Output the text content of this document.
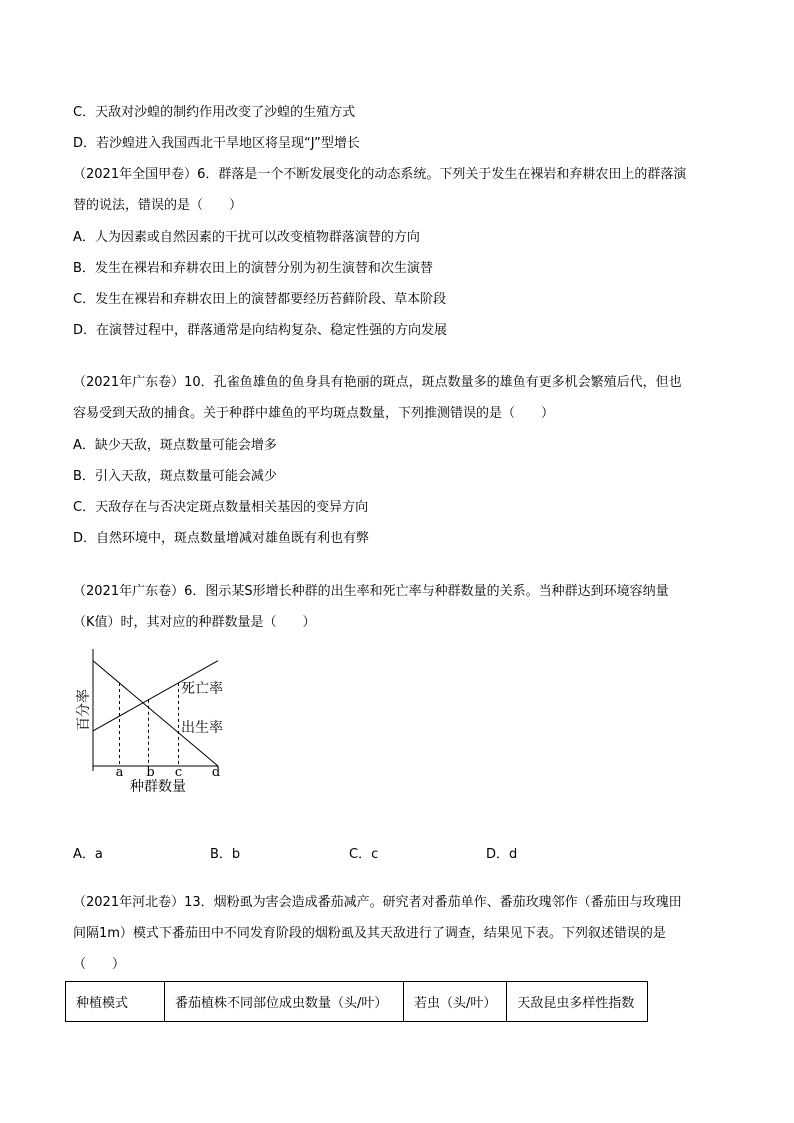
C．天敌对沙蝗的制约作用改变了沙蝗的生殖方式
D．若沙蝗进入我国西北干旱地区将呈现“J”型增长
（2021年全国甲卷）6．群落是一个不断发展变化的动态系统。下列关于发生在裸岩和弃耕农田上的群落演
替的说法，错误的是（　　）
A．人为因素或自然因素的干扰可以改变植物群落演替的方向
B．发生在裸岩和弃耕农田上的演替分别为初生演替和次生演替
C．发生在裸岩和弃耕农田上的演替都要经历苔藓阶段、草本阶段
D．在演替过程中，群落通常是向结构复杂、稳定性强的方向发展
（2021年广东卷）10．孔雀鱼雄鱼的鱼身具有艳丽的斑点，斑点数量多的雄鱼有更多机会繁殖后代，但也
容易受到天敌的捕食。关于种群中雄鱼的平均斑点数量，下列推测错误的是（　　）
A．缺少天敌，斑点数量可能会增多
B．引入天敌，斑点数量可能会减少
C．天敌存在与否决定斑点数量相关基因的变异方向
D．自然环境中，斑点数量增减对雄鱼既有利也有弊
（2021年广东卷）6．图示某S形增长种群的出生率和死亡率与种群数量的关系。当种群达到环境容纳量
（K值）时，其对应的种群数量是（　　）
死亡率
出生率
百分率
a b c d
种群数量
A．a	B．b	C．c	D．d
（2021年河北卷）13．烟粉虱为害会造成番茄减产。研究者对番茄单作、番茄玫瑰邻作（番茄田与玫瑰田
间隔1m）模式下番茄田中不同发育阶段的烟粉虱及其天敌进行了调查，结果见下表。下列叙述错误的是
（　　）
种植模式	番茄植株不同部位成虫数量（头/叶）	若虫（头/叶）	天敌昆虫多样性指数
